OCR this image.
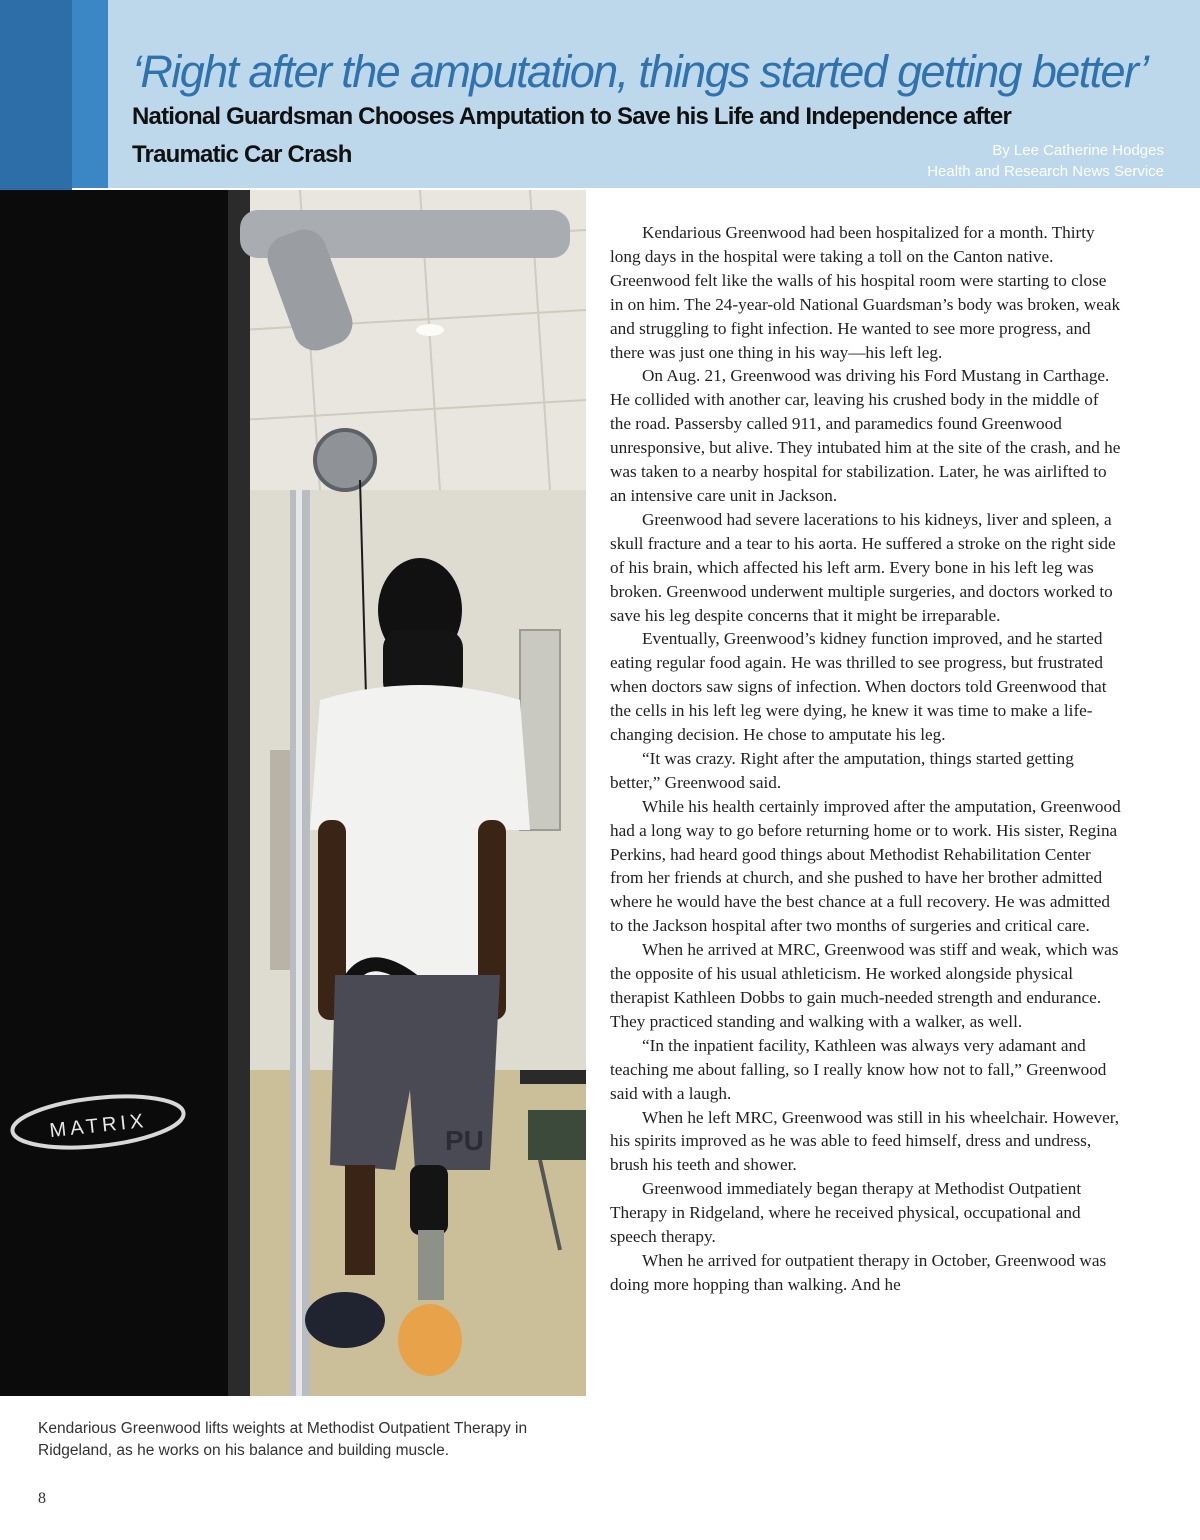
‘Right after the amputation, things started getting better’
National Guardsman Chooses Amputation to Save his Life and Independence after Traumatic Car Crash	By Lee Catherine Hodges
Health and Research News Service
PU
MATRIX

Kendarious Greenwood lifts weights at Methodist Outpatient Therapy in Ridgeland, as he works on his balance and building muscle.

Kendarious Greenwood had been hospitalized for a month. Thirty long days in the hospital were taking a toll on the Canton native. Greenwood felt like the walls of his hospital room were starting to close in on him. The 24-year-old National Guardsman’s body was broken, weak and struggling to fight infection. He wanted to see more progress, and there was just one thing in his way—his left leg.

On Aug. 21, Greenwood was driving his Ford Mustang in Carthage. He collided with another car, leaving his crushed body in the middle of the road. Passersby called 911, and paramedics found Greenwood unresponsive, but alive. They intubated him at the site of the crash, and he was taken to a nearby hospital for stabilization. Later, he was airlifted to an intensive care unit in Jackson.

Greenwood had severe lacerations to his kidneys, liver and spleen, a skull fracture and a tear to his aorta. He suffered a stroke on the right side of his brain, which affected his left arm. Every bone in his left leg was broken. Greenwood underwent multiple surgeries, and doctors worked to save his leg despite concerns that it might be irreparable.

Eventually, Greenwood’s kidney function improved, and he started eating regular food again. He was thrilled to see progress, but frustrated when doctors saw signs of infection. When doctors told Greenwood that the cells in his left leg were dying, he knew it was time to make a life-changing decision. He chose to amputate his leg.

“It was crazy. Right after the amputation, things started getting better,” Greenwood said.

While his health certainly improved after the amputation, Greenwood had a long way to go before returning home or to work. His sister, Regina Perkins, had heard good things about Methodist Rehabilitation Center from her friends at church, and she pushed to have her brother admitted where he would have the best chance at a full recovery. He was admitted to the Jackson hospital after two months of surgeries and critical care.

When he arrived at MRC, Greenwood was stiff and weak, which was the opposite of his usual athleticism. He worked alongside physical therapist Kathleen Dobbs to gain much-needed strength and endurance. They practiced standing and walking with a walker, as well.

“In the inpatient facility, Kathleen was always very adamant and teaching me about falling, so I really know how not to fall,” Greenwood said with a laugh.

When he left MRC, Greenwood was still in his wheelchair. However, his spirits improved as he was able to feed himself, dress and undress, brush his teeth and shower.

Greenwood immediately began therapy at Methodist Outpatient Therapy in Ridgeland, where he received physical, occupational and speech therapy.

When he arrived for outpatient therapy in October, Greenwood was doing more hopping than walking. And he

8
